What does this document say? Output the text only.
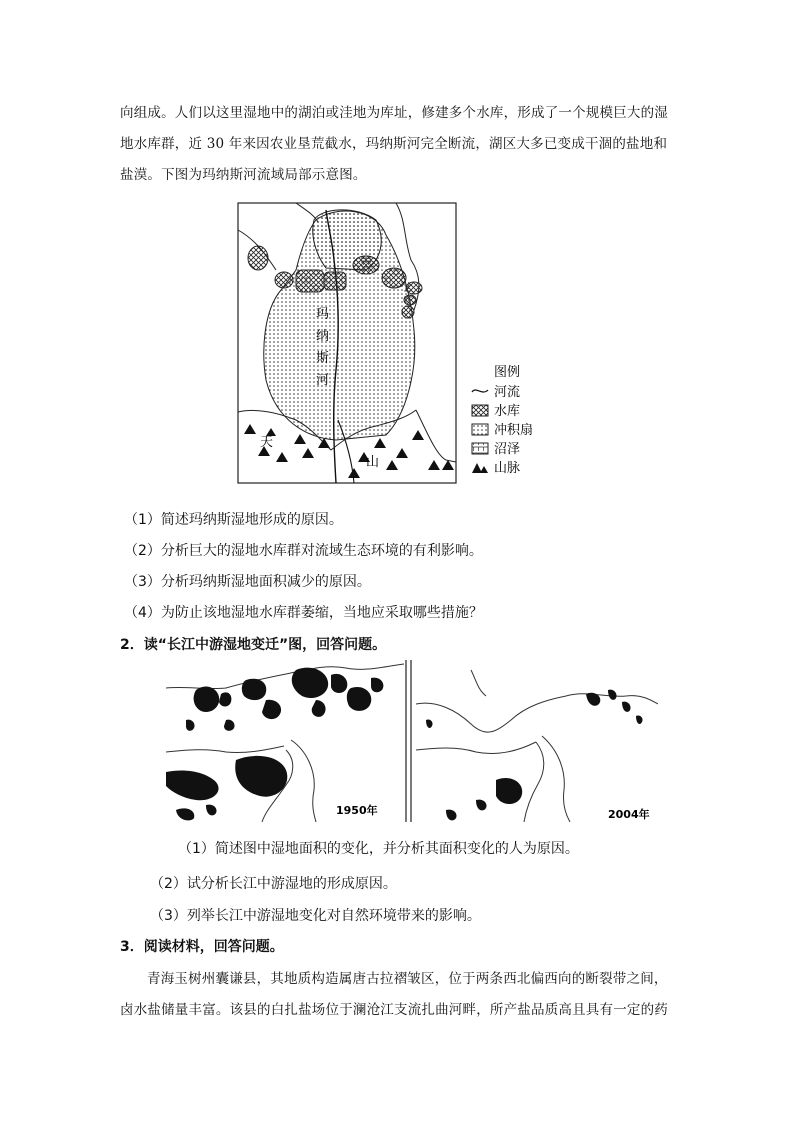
向组成。人们以这里湿地中的湖泊或洼地为库址，修建多个水库，形成了一个规模巨大的湿
地水库群，近 30 年来因农业垦荒截水，玛纳斯河完全断流，湖区大多已变成干涸的盐地和
盐漠。下图为玛纳斯河流域局部示意图。
玛
纳
斯
河
天
山
图例
河流
水库
冲积扇
沼泽
山脉
（1）简述玛纳斯湿地形成的原因。
（2）分析巨大的湿地水库群对流域生态环境的有利影响。
（3）分析玛纳斯湿地面积减少的原因。
（4）为防止该地湿地水库群萎缩，当地应采取哪些措施？
2．读“长江中游湿地变迁”图，回答问题。
1950年	2004年
（1）简述图中湿地面积的变化，并分析其面积变化的人为原因。
（2）试分析长江中游湿地的形成原因。
（3）列举长江中游湿地变化对自然环境带来的影响。
3．阅读材料，回答问题。
青海玉树州囊谦县，其地质构造属唐古拉褶皱区，位于两条西北偏西向的断裂带之间，
卤水盐储量丰富。该县的白扎盐场位于澜沧江支流扎曲河畔，所产盐品质高且具有一定的药
